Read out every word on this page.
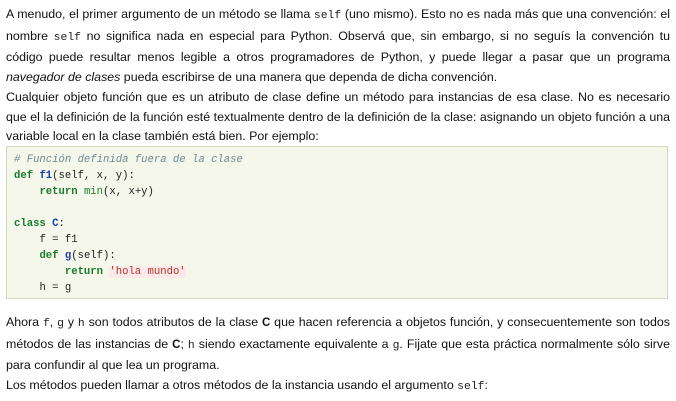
A menudo, el primer argumento de un método se llama self (uno mismo). Esto no es nada más que una convención: el nombre self no significa nada en especial para Python. Observá que, sin embargo, si no seguís la convención tu código puede resultar menos legible a otros programadores de Python, y puede llegar a pasar que un programa navegador de clases pueda escribirse de una manera que dependa de dicha convención.

Cualquier objeto función que es un atributo de clase define un método para instancias de esa clase. No es necesario que el la definición de la función esté textualmente dentro de la definición de la clase: asignando un objeto función a una variable local en la clase también está bien. Por ejemplo:

# Función definida fuera de la clase
def f1(self, x, y):
return min(x, x+y)
class C:
f = f1
def g(self):
return 'hola mundo'
h = g

Ahora f, g y h son todos atributos de la clase C que hacen referencia a objetos función, y consecuentemente son todos métodos de las instancias de C; h siendo exactamente equivalente a g. Fijate que esta práctica normalmente sólo sirve para confundir al que lea un programa.

Los métodos pueden llamar a otros métodos de la instancia usando el argumento self:
